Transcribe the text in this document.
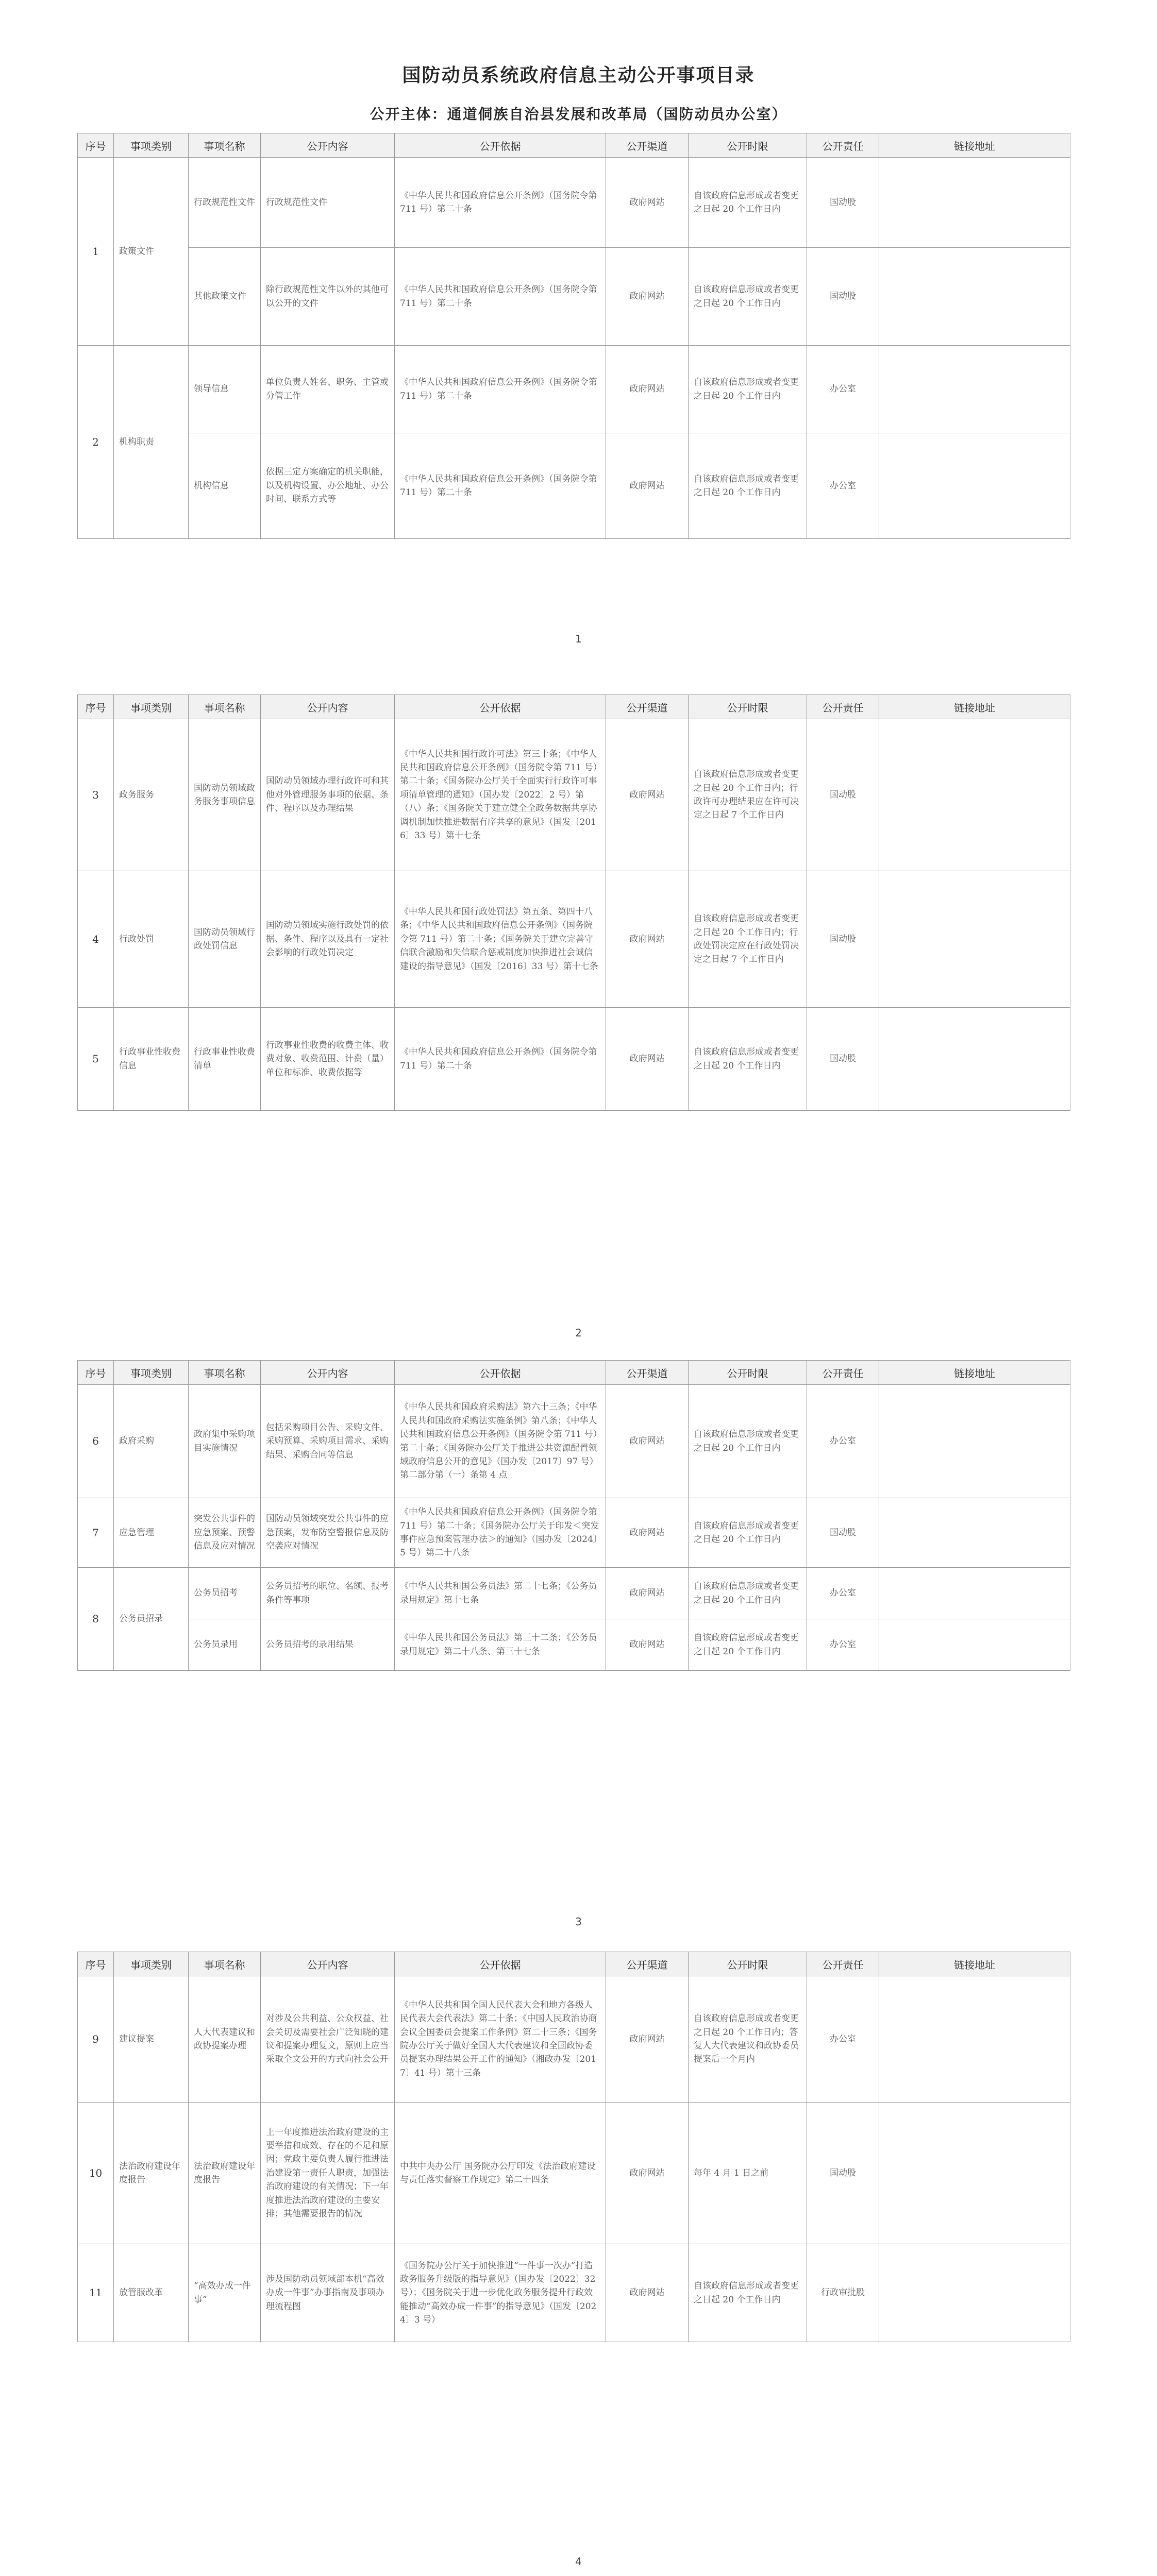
国防动员系统政府信息主动公开事项目录
公开主体：通道侗族自治县发展和改革局（国防动员办公室）
序号	事项类别	事项名称	公开内容	公开依据	公开渠道	公开时限	公开责任	链接地址
1	政策文件	行政规范性文件	行政规范性文件	《中华人民共和国政府信息公开条例》（国务院令第 711 号）第二十条	政府网站	自该政府信息形成或者变更之日起 20 个工作日内	国动股	
		其他政策文件	除行政规范性文件以外的其他可以公开的文件	《中华人民共和国政府信息公开条例》（国务院令第 711 号）第二十条	政府网站	自该政府信息形成或者变更之日起 20 个工作日内	国动股	
2	机构职责	领导信息	单位负责人姓名、职务、主管或分管工作	《中华人民共和国政府信息公开条例》（国务院令第 711 号）第二十条	政府网站	自该政府信息形成或者变更之日起 20 个工作日内	办公室	
		机构信息	依据三定方案确定的机关职能，以及机构设置、办公地址、办公时间、联系方式等	《中华人民共和国政府信息公开条例》（国务院令第 711 号）第二十条	政府网站	自该政府信息形成或者变更之日起 20 个工作日内	办公室	
1
序号	事项类别	事项名称	公开内容	公开依据	公开渠道	公开时限	公开责任	链接地址
3	政务服务	国防动员领域政务服务事项信息	国防动员领域办理行政许可和其他对外管理服务事项的依据、条件、程序以及办理结果	《中华人民共和国行政许可法》第三十条；《中华人民共和国政府信息公开条例》（国务院令第 711 号）第二十条；《国务院办公厅关于全面实行行政许可事项清单管理的通知》（国办发〔2022〕2 号）第（八）条；《国务院关于建立健全全政务数据共享协调机制加快推进数据有序共享的意见》（国发〔2016〕33 号）第十七条	政府网站	自该政府信息形成或者变更之日起 20 个工作日内；行政许可办理结果应在许可决定之日起 7 个工作日内	国动股	
4	行政处罚	国防动员领域行政处罚信息	国防动员领域实施行政处罚的依据、条件、程序以及具有一定社会影响的行政处罚决定	《中华人民共和国行政处罚法》第五条、第四十八条；《中华人民共和国政府信息公开条例》（国务院令第 711 号）第二十条；《国务院关于建立完善守信联合激励和失信联合惩戒制度加快推进社会诚信建设的指导意见》（国发〔2016〕33 号）第十七条	政府网站	自该政府信息形成或者变更之日起 20 个工作日内；行政处罚决定应在行政处罚决定之日起 7 个工作日内	国动股	
5	行政事业性收费信息	行政事业性收费清单	行政事业性收费的收费主体、收费对象、收费范围、计费（量）单位和标准、收费依据等	《中华人民共和国政府信息公开条例》（国务院令第 711 号）第二十条	政府网站	自该政府信息形成或者变更之日起 20 个工作日内	国动股	
2
序号	事项类别	事项名称	公开内容	公开依据	公开渠道	公开时限	公开责任	链接地址
6	政府采购	政府集中采购项目实施情况	包括采购项目公告、采购文件、采购预算、采购项目需求、采购结果、采购合同等信息	《中华人民共和国政府采购法》第六十三条；《中华人民共和国政府采购法实施条例》第八条；《中华人民共和国政府信息公开条例》（国务院令第 711 号）第二十条；《国务院办公厅关于推进公共资源配置领域政府信息公开的意见》（国办发〔2017〕97 号）第二部分第（一）条第 4 点	政府网站	自该政府信息形成或者变更之日起 20 个工作日内	办公室	
7	应急管理	突发公共事件的应急预案、预警信息及应对情况	国防动员领域突发公共事件的应急预案，发布防空警报信息及防空袭应对情况	《中华人民共和国政府信息公开条例》（国务院令第 711 号）第二十条；《国务院办公厅关于印发＜突发事件应急预案管理办法＞的通知》（国办发〔2024〕5 号）第二十八条	政府网站	自该政府信息形成或者变更之日起 20 个工作日内	国动股	
8	公务员招录	公务员招考	公务员招考的职位、名额、报考条件等事项	《中华人民共和国公务员法》第二十七条；《公务员录用规定》第十七条	政府网站	自该政府信息形成或者变更之日起 20 个工作日内	办公室	
		公务员录用	公务员招考的录用结果	《中华人民共和国公务员法》第三十二条；《公务员录用规定》第二十八条、第三十七条	政府网站	自该政府信息形成或者变更之日起 20 个工作日内	办公室	
3
序号	事项类别	事项名称	公开内容	公开依据	公开渠道	公开时限	公开责任	链接地址
9	建议提案	人大代表建议和政协提案办理	对涉及公共利益、公众权益、社会关切及需要社会广泛知晓的建议和提案办理复文，原则上应当采取全文公开的方式向社会公开	《中华人民共和国全国人民代表大会和地方各级人民代表大会代表法》第二十条；《中国人民政治协商会议全国委员会提案工作条例》第二十三条；《国务院办公厅关于做好全国人大代表建议和全国政协委员提案办理结果公开工作的通知》（湘政办发〔2017〕41 号）第十三条	政府网站	自该政府信息形成或者变更之日起 20 个工作日内；答复人大代表建议和政协委员提案后一个月内	办公室	
10	法治政府建设年度报告	法治政府建设年度报告	上一年度推进法治政府建设的主要举措和成效、存在的不足和原因；党政主要负责人履行推进法治建设第一责任人职责，加强法治政府建设的有关情况；下一年度推进法治政府建设的主要安排；其他需要报告的情况	中共中央办公厅 国务院办公厅印发《法治政府建设与责任落实督察工作规定》第二十四条	政府网站	每年 4 月 1 日之前	国动股	
11	放管服改革	“高效办成一件事”	涉及国防动员领域部本机“高效办成一件事”办事指南及事项办理流程图	《国务院办公厅关于加快推进“一件事一次办”打造政务服务升级版的指导意见》（国办发〔2022〕32 号）；《国务院关于进一步优化政务服务提升行政效能推动“高效办成一件事”的指导意见》（国发〔2024〕3 号）	政府网站	自该政府信息形成或者变更之日起 20 个工作日内	行政审批股	
4
